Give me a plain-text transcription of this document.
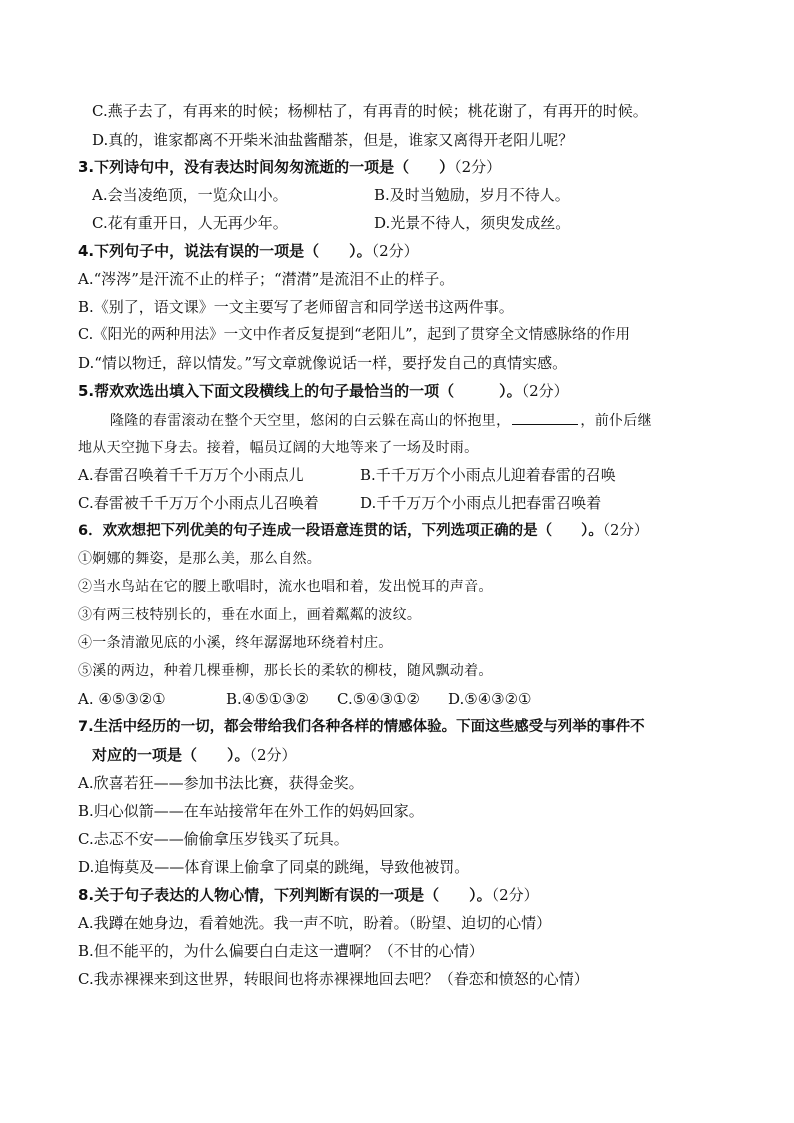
C.燕子去了，有再来的时候；杨柳枯了，有再青的时候；桃花谢了，有再开的时候。
D.真的，谁家都离不开柴米油盐酱醋茶，但是，谁家又离得开老阳儿呢？
3.下列诗句中，没有表达时间匆匆流逝的一项是（　　）（2分）
A.会当凌绝顶，一览众山小。	B.及时当勉励，岁月不待人。
C.花有重开日，人无再少年。	D.光景不待人，须臾发成丝。
4.下列句子中，说法有误的一项是（　　）。（2分）
A.“涔涔”是汗流不止的样子；“潸潸”是流泪不止的样子。
B.《别了，语文课》一文主要写了老师留言和同学送书这两件事。
C.《阳光的两种用法》一文中作者反复提到“老阳儿”，起到了贯穿全文情感脉络的作用
D.“情以物迁，辞以情发。”写文章就像说话一样，要抒发自己的真情实感。
5.帮欢欢选出填入下面文段横线上的句子最恰当的一项（　　　）。（2分）
隆隆的春雷滚动在整个天空里，悠闲的白云躲在高山的怀抱里，	，前仆后继
地从天空抛下身去。接着，幅员辽阔的大地等来了一场及时雨。
A.春雷召唤着千千万万个小雨点儿	B.千千万万个小雨点儿迎着春雷的召唤
C.春雷被千千万万个小雨点儿召唤着	D.千千万万个小雨点儿把春雷召唤着
6．欢欢想把下列优美的句子连成一段语意连贯的话，下列选项正确的是（　　）。（2分）
①婀娜的舞姿，是那么美，那么自然。
②当水鸟站在它的腰上歌唱时，流水也唱和着，发出悦耳的声音。
③有两三枝特别长的，垂在水面上，画着粼粼的波纹。
④一条清澈见底的小溪，终年潺潺地环绕着村庄。
⑤溪的两边，种着几棵垂柳，那长长的柔软的柳枝，随风飘动着。
A. ④⑤③②①	B.④⑤①③② C.⑤④③①② D.⑤④③②①
7.生活中经历的一切，都会带给我们各种各样的情感体验。下面这些感受与列举的事件不
对应的一项是（　　）。（2分）
A.欣喜若狂——参加书法比赛，获得金奖。
B.归心似箭——在车站接常年在外工作的妈妈回家。
C.忐忑不安——偷偷拿压岁钱买了玩具。
D.追悔莫及——体育课上偷拿了同桌的跳绳，导致他被罚。
8.关于句子表达的人物心情，下列判断有误的一项是（　　）。（2分）
A.我蹲在她身边，看着她洗。我一声不吭，盼着。（盼望、迫切的心情）
B.但不能平的，为什么偏要白白走这一遭啊？（不甘的心情）
C.我赤裸裸来到这世界，转眼间也将赤裸裸地回去吧？（眷恋和愤怒的心情）
